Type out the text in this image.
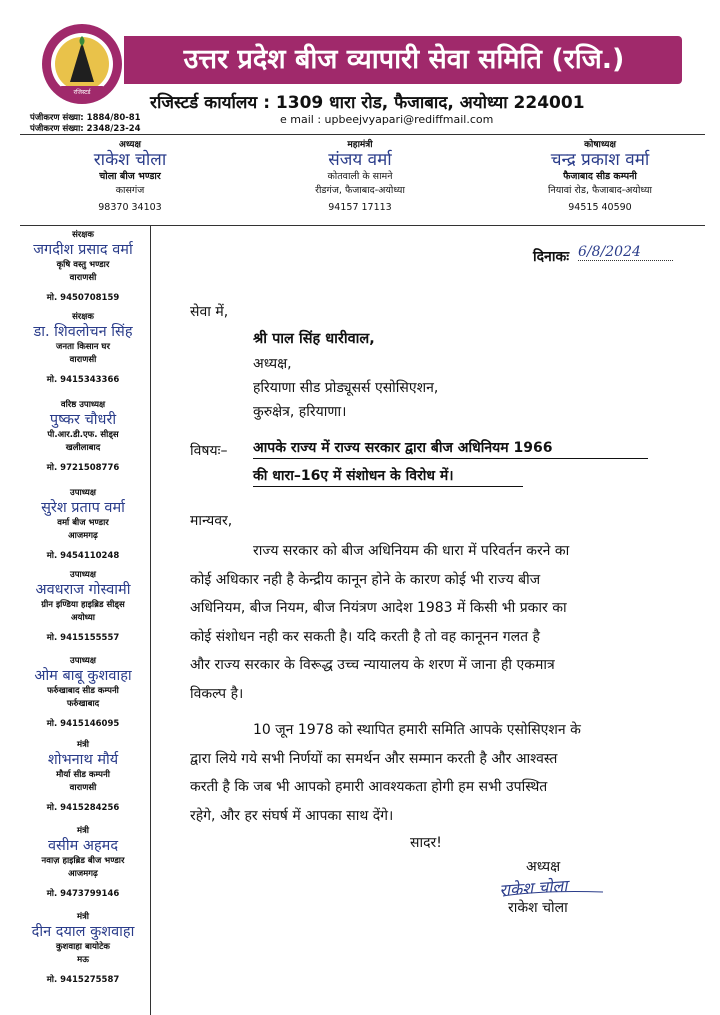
रजिस्टर्ड
उत्तर प्रदेश बीज व्यापारी सेवा समिति (रजि.)
रजिस्टर्ड कार्यालय : 1309 धारा रोड, फैजाबाद, अयोध्या 224001
पंजीकरण संख्या: 1884/80-81
पंजीकरण संख्या: 2348/23-24
e mail : upbeejvyapari@rediffmail.com
अध्यक्ष
राकेश चोला
चोला बीज भण्डार
कासगंज
98370 34103
महामंत्री
संजय वर्मा
कोतवाली के सामने
रीडगंज, फैजाबाद-अयोध्या
94157 17113
कोषाध्यक्ष
चन्द्र प्रकाश वर्मा
फैजाबाद सीड कम्पनी
नियावां रोड, फैजाबाद-अयोध्या
94515 40590
संरक्षक
जगदीश प्रसाद वर्मा
कृषि वस्तु भण्डार
वाराणसी
मो. 9450708159
संरक्षक
डा. शिवलोचन सिंह
जनता किसान घर
वाराणसी
मो. 9415343366
वरिष्ठ उपाध्यक्ष
पुष्कर चौधरी
पी.आर.डी.एफ. सीड्स
खलीलाबाद
मो. 9721508776
उपाध्यक्ष
सुरेश प्रताप वर्मा
वर्मा बीज भण्डार
आजमगढ़
मो. 9454110248
उपाध्यक्ष
अवधराज गोस्वामी
ग्रीन इण्डिया हाइब्रिड सीड्स
अयोध्या
मो. 9415155557
उपाध्यक्ष
ओम बाबू कुशवाहा
फर्रुखाबाद सीड कम्पनी
फर्रुखाबाद
मो. 9415146095
मंत्री
शोभनाथ मौर्य
मौर्या सीड कम्पनी
वाराणसी
मो. 9415284256
मंत्री
वसीम अहमद
नवाज़ हाइब्रिड बीज भण्डार
आजमगढ़
मो. 9473799146
मंत्री
दीन दयाल कुशवाहा
कुशवाहा बायोटेक
मऊ
मो. 9415275587
दिनाकः 6/8/2024
सेवा में,
श्री पाल सिंह धारीवाल,
अध्यक्ष,
हरियाणा सीड प्रोड्यूसर्स एसोसिएशन,
कुरुक्षेत्र, हरियाणा।
विषयः– आपके राज्य में राज्य सरकार द्वारा बीज अधिनियम 1966
की धारा–16ए में संशोधन के विरोध में।
मान्यवर,
राज्य सरकार को बीज अधिनियम की धारा में परिवर्तन करने का
कोई अधिकार नही है केन्द्रीय कानून होने के कारण कोई भी राज्य बीज
अधिनियम, बीज नियम, बीज नियंत्रण आदेश 1983 में किसी भी प्रकार का
कोई संशोधन नही कर सकती है। यदि करती है तो वह कानूनन गलत है
और राज्य सरकार के विरूद्ध उच्च न्यायालय के शरण में जाना ही एकमात्र
विकल्प है।
10 जून 1978 को स्थापित हमारी समिति आपके एसोसिएशन के
द्वारा लिये गये सभी निर्णयों का समर्थन और सम्मान करती है और आश्वस्त
करती है कि जब भी आपको हमारी आवश्यकता होगी हम सभी उपस्थित
रहेगे, और हर संघर्ष में आपका साथ देंगे।
सादर!
अध्यक्ष
राकेश चोला
राकेश चोला
